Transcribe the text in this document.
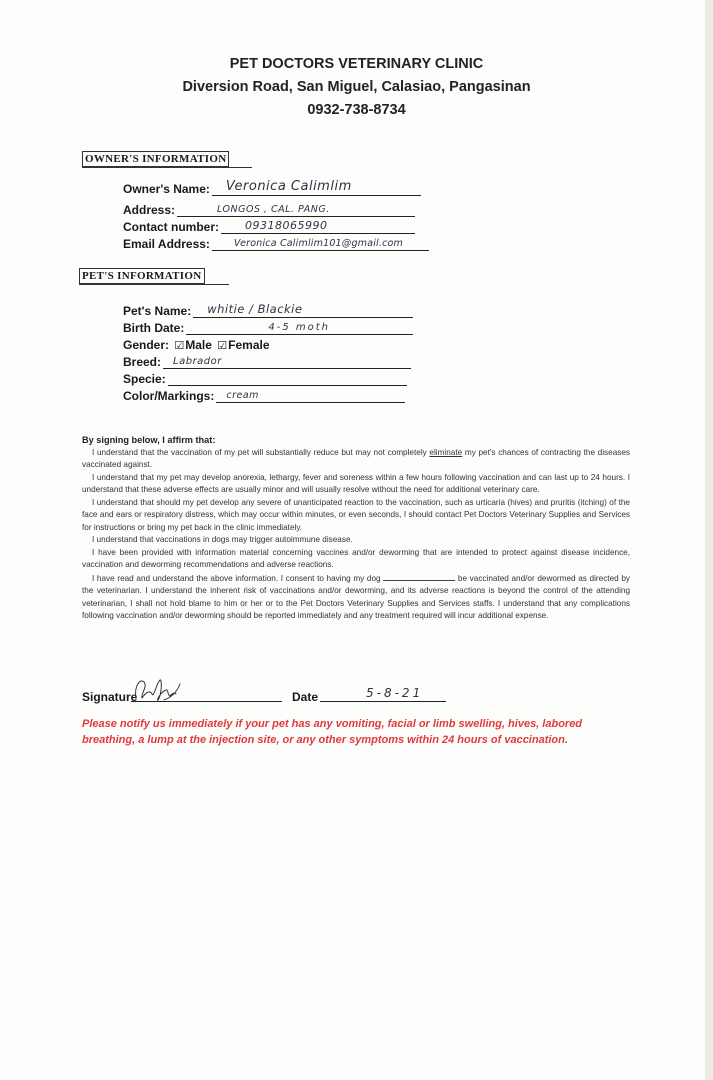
PET DOCTORS VETERINARY CLINIC
Diversion Road, San Miguel, Calasiao, Pangasinan
0932-738-8734
OWNER'S INFORMATION
Owner's Name: Veronica Calimlim
Address:	LONGOS , CAL. PANG.
Contact number: 09318065990
Email Address:	Veronica Calimlim101@gmail.com
PET'S INFORMATION
Pet's Name: whitie / Blackie
Birth Date:	4-5 moth
Gender: ☑Male ☑Female
Breed: Labrador
Specie:
Color/Markings: cream
By signing below, I affirm that:

I understand that the vaccination of my pet will substantially reduce but may not completely eliminate my pet's chances of contracting the diseases vaccinated against.

I understand that my pet may develop anorexia, lethargy, fever and soreness within a few hours following vaccination and can last up to 24 hours. I understand that these adverse effects are usually minor and will usually resolve without the need for additional veterinary care.

I understand that should my pet develop any severe of unanticipated reaction to the vaccination, such as urticaria (hives) and pruritis (itching) of the face and ears or respiratory distress, which may occur within minutes, or even seconds, I should contact Pet Doctors Veterinary Supplies and Services for instructions or bring my pet back in the clinic immediately.

I understand that vaccinations in dogs may trigger autoimmune disease.

I have been provided with information material concerning vaccines and/or deworming that are intended to protect against disease incidence, vaccination and deworming recommendations and adverse reactions.

I have read and understand the above information. I consent to having my dog	be vaccinated and/or dewormed as directed by the veterinarian. I understand the inherent risk of vaccinations and/or deworming, and its adverse reactions is beyond the control of the attending veterinarian, I shall not hold blame to him or her or to the Pet Doctors Veterinary Supplies and Services staffs. I understand that any complications following vaccination and/or deworming should be reported immediately and any treatment required will incur additional expense.

Signature	Date	5-8-21
Please notify us immediately if your pet has any vomiting, facial or limb swelling, hives, labored breathing, a lump at the injection site, or any other symptoms within 24 hours of vaccination.
